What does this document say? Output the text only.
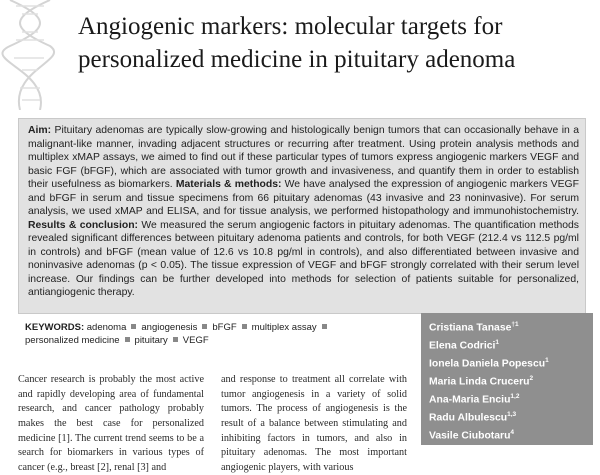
Angiogenic markers: molecular targets for
personalized medicine in pituitary adenoma
Aim: Pituitary adenomas are typically slow-growing and histologically benign tumors that can occasionally behave in a malignant-like manner, invading adjacent structures or recurring after treatment. Using protein analysis methods and multiplex xMAP assays, we aimed to find out if these particular types of tumors express angiogenic markers VEGF and basic FGF (bFGF), which are associated with tumor growth and invasiveness, and quantify them in order to establish their usefulness as biomarkers. Materials & methods: We have analysed the expression of angiogenic markers VEGF and bFGF in serum and tissue specimens from 66 pituitary adenomas (43 invasive and 23 noninvasive). For serum analysis, we used xMAP and ELISA, and for tissue analysis, we performed histopathology and immunohistochemistry. Results & conclusion: We measured the serum angiogenic factors in pituitary adenomas. The quantification methods revealed significant differences between pituitary adenoma patients and controls, for both VEGF (212.4 vs 112.5 pg/ml in controls) and bFGF (mean value of 12.6 vs 10.8 pg/ml in controls), and also differentiated between invasive and noninvasive adenomas (p < 0.05). The tissue expression of VEGF and bFGF strongly correlated with their serum level increase. Our findings can be further developed into methods for selection of patients suitable for personalized, antiangiogenic therapy.
KEYWORDS: adenoma angiogenesis bFGF multiplex assaypersonalized medicine pituitary VEGF
Cristiana Tanase$^{\dagger 1}$
Elena Codrici$^1$
Ionela Daniela Popescu$^1$
Maria Linda Cruceru$^2$
Ana-Maria Enciu$^{1,2}$
Radu Albulescu$^{1,3}$
Vasile Ciubotaru$^4$
& Dorel Arsene$^5$

Cancer research is probably the most active and rapidly developing area of fundamental research, and cancer pathology probably makes the best case for personalized medicine [1]. The current trend seems to be a search for biomarkers in various types of cancer (e.g., breast [2], renal [3] and

and response to treatment all correlate with tumor angiogenesis in a variety of solid tumors. The process of angiogenesis is the result of a balance between stimulating and inhibiting factors in tumors, and also in pituitary adenomas. The most important angiogenic players, with various
